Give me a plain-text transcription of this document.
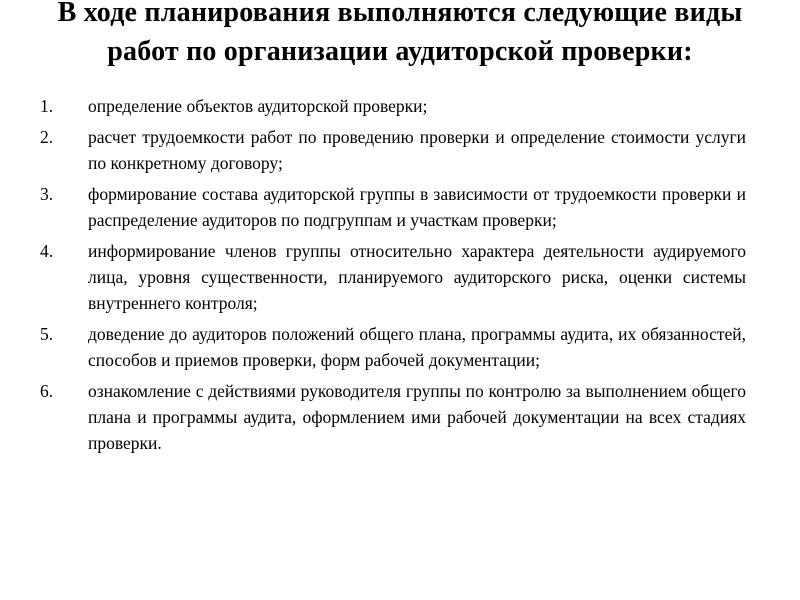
В ходе планирования выполняются следующие виды работ по организации аудиторской проверки:
1.	определение объектов аудиторской проверки;
2.	расчет трудоемкости работ по проведению проверки и определение стоимости услуги по конкретному договору;
3.	формирование состава аудиторской группы в зависимости от трудоемкости проверки и распределение аудиторов по подгруппам и участкам проверки;
4.	информирование членов группы относительно характера деятельности аудируемого лица, уровня существенности, планируемого аудиторского риска, оценки системы внутреннего контроля;
5.	доведение до аудиторов положений общего плана, программы аудита, их обязанностей, способов и приемов проверки, форм рабочей документации;
6.	ознакомление с действиями руководителя группы по контролю за выполнением общего плана и программы аудита, оформлением ими рабочей документации на всех стадиях проверки.
